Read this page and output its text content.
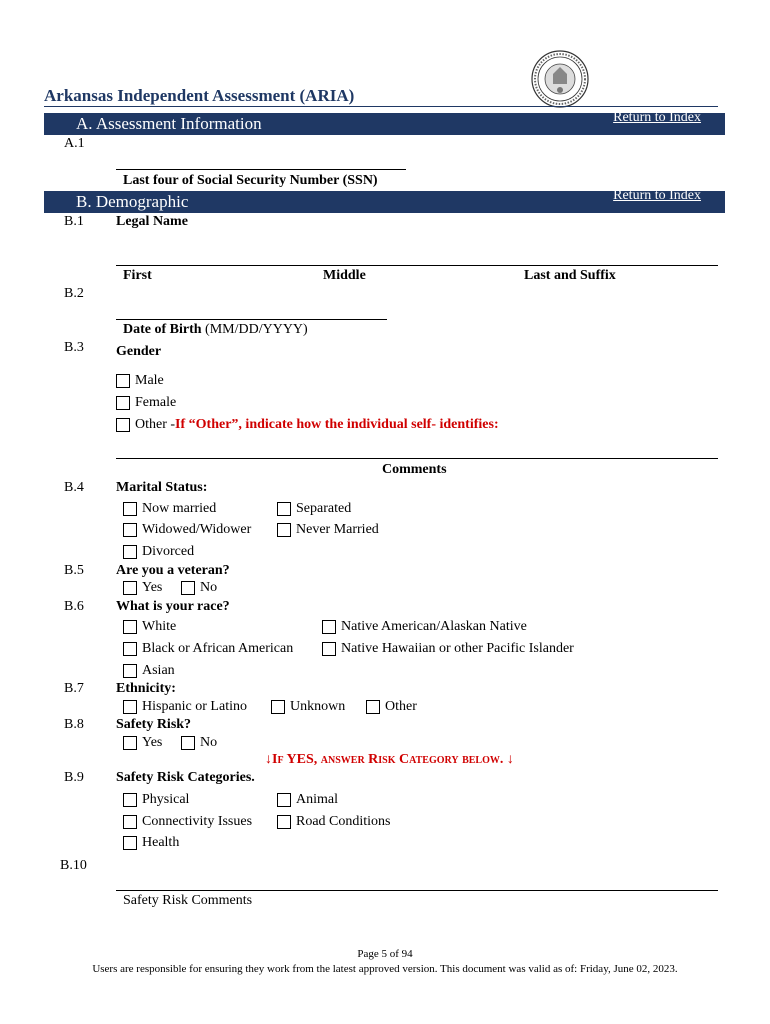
Arkansas Independent Assessment (ARIA)
A. Assessment Information	Return to Index
A.1
Last four of Social Security Number (SSN)
B. Demographic	Return to Index
B.1 Legal Name
First	Middle	Last and Suffix
B.2
Date of Birth (MM/DD/YYYY)
B.3 Gender
Male
Female
Other - If “Other”, indicate how the individual self- identifies:
Comments
B.4 Marital Status:
Now married	Separated
Widowed/Widower	Never Married
Divorced
B.5 Are you a veteran?
Yes	No
B.6 What is your race?
White	Native American/Alaskan Native
Black or African American	Native Hawaiian or other Pacific Islander
Asian
B.7 Ethnicity:
Hispanic or Latino	Unknown	Other
B.8 Safety Risk?
Yes	No
↓If YES, answer Risk Category below. ↓
B.9 Safety Risk Categories.
Physical	Animal
Connectivity Issues	Road Conditions
Health
B.10
Safety Risk Comments
Page 5 of 94
Users are responsible for ensuring they work from the latest approved version. This document was valid as of: Friday, June 02, 2023.
